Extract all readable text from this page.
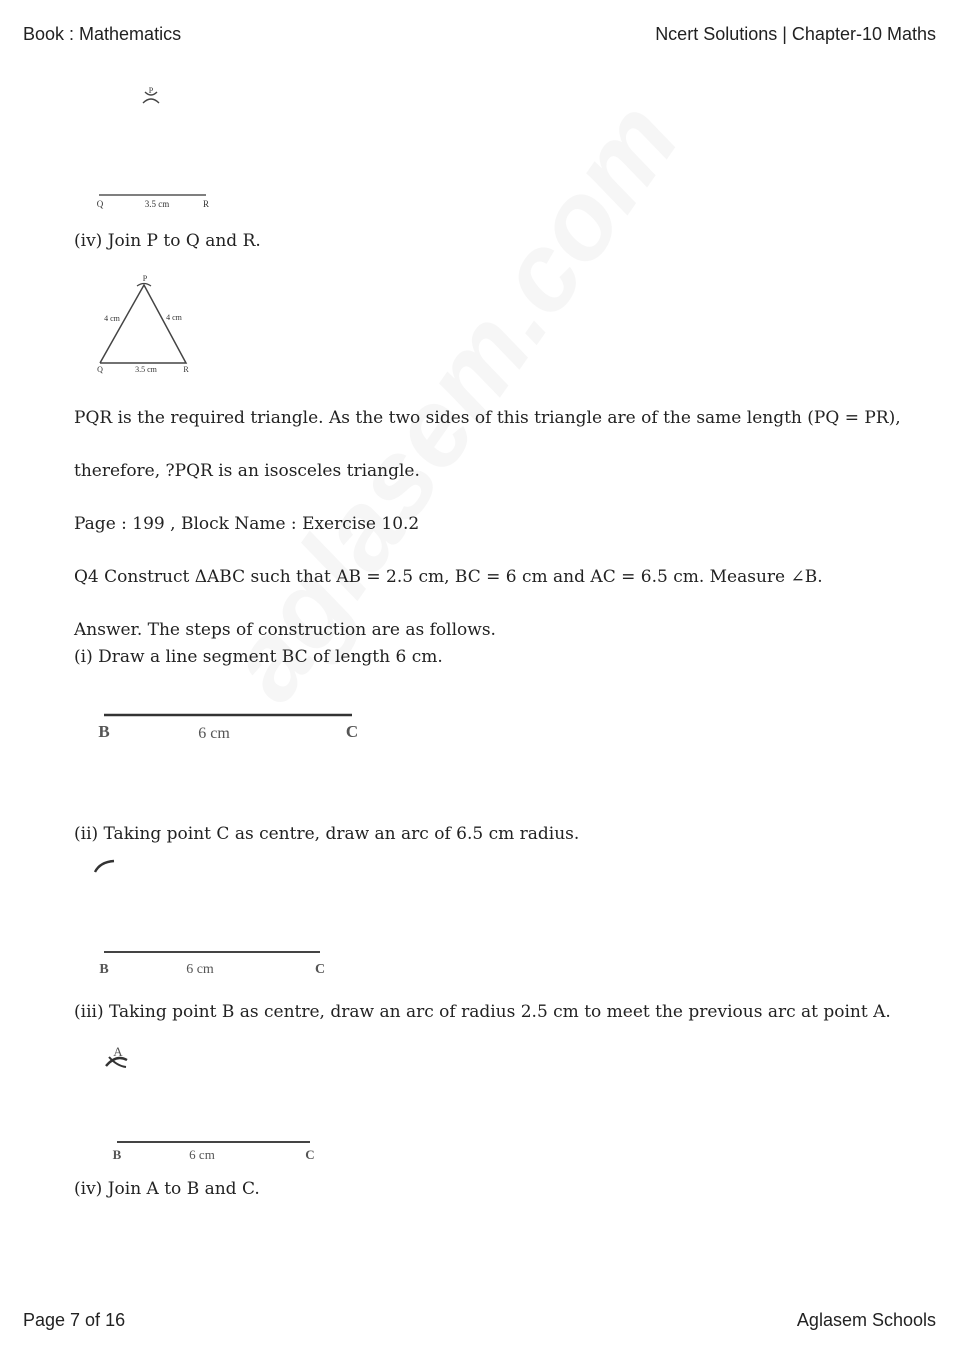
Book : Mathematics	Ncert Solutions | Chapter-10 Maths
P
Q	3.5 cm	R
(iv) Join P to Q and R.
P
4 cm	4 cm
Q	3.5 cm	R
PQR is the required triangle. As the two sides of this triangle are of the same length (PQ = PR),
therefore, ?PQR is an isosceles triangle.
Page : 199 , Block Name : Exercise 10.2
Q4 Construct ΔABC such that AB = 2.5 cm, BC = 6 cm and AC = 6.5 cm. Measure ∠B.
Answer. The steps of construction are as follows.
(i) Draw a line segment BC of length 6 cm.
B	6 cm	C
(ii) Taking point C as centre, draw an arc of 6.5 cm radius.
B	6 cm	C
(iii) Taking point B as centre, draw an arc of radius 2.5 cm to meet the previous arc at point A.
A
B	6 cm	C
(iv) Join A to B and C.
Page 7 of 16	Aglasem Schools
